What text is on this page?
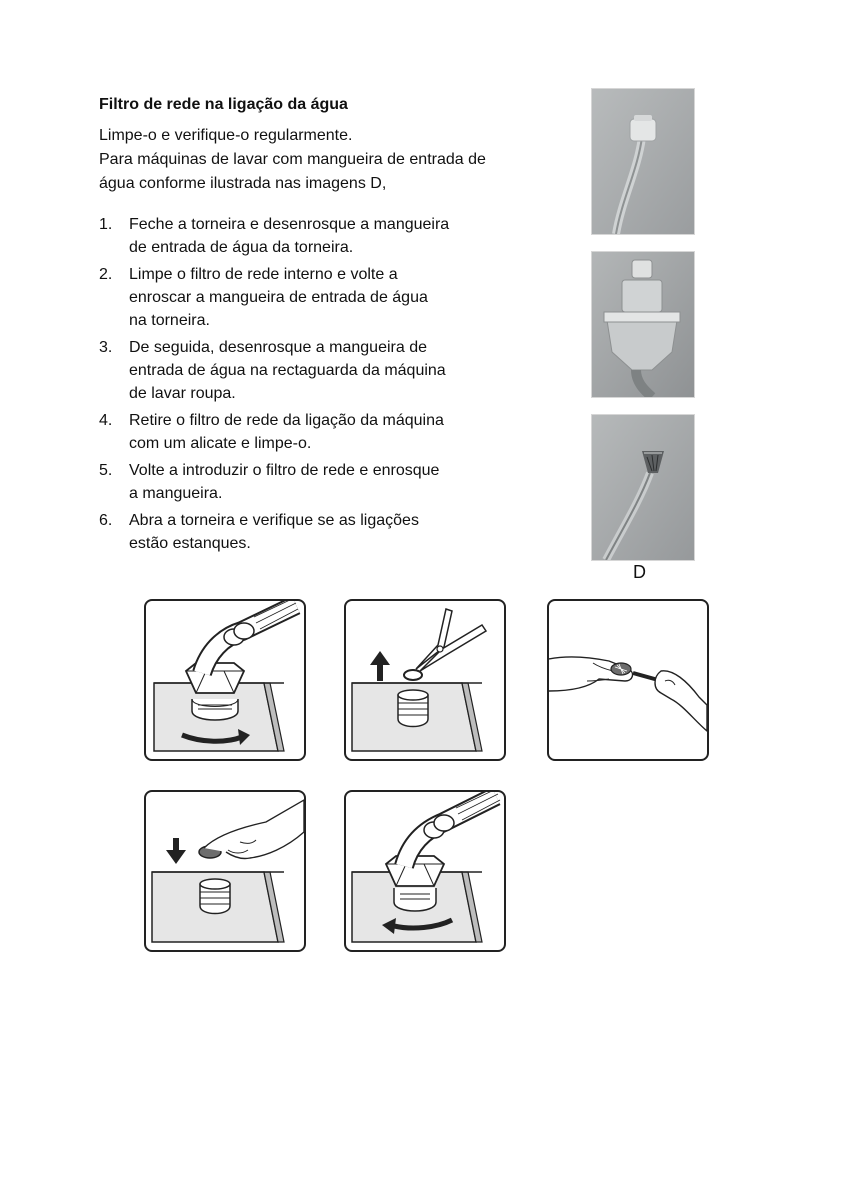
Filtro de rede na ligação da água

Limpe-o e verifique-o regularmente.

Para máquinas de lavar com mangueira de entrada de

água conforme ilustrada nas imagens D,

1. Feche a torneira e desenrosque a mangueira
de entrada de água da torneira.
2. Limpe o filtro de rede interno e volte a
enroscar a mangueira de entrada de água
na torneira.
3. De seguida, desenrosque a mangueira de
entrada de água na rectaguarda da máquina
de lavar roupa.
4. Retire o filtro de rede da ligação da máquina
com um alicate e limpe-o.
5. Volte a introduzir o filtro de rede e enrosque
a mangueira.
6. Abra a torneira e verifique se as ligações
estão estanques.
D
